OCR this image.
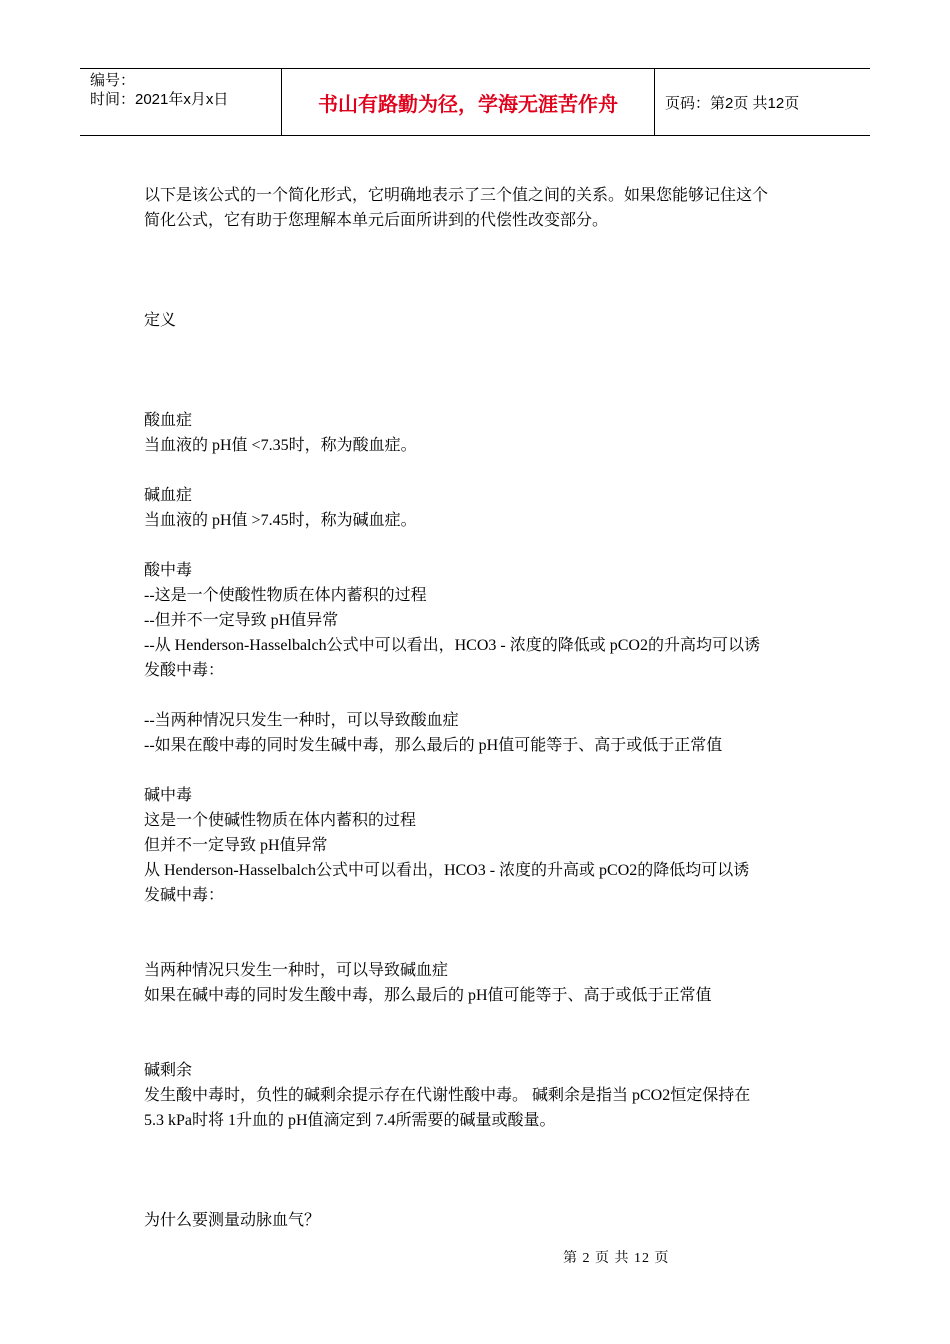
编号：
时间：2021年x月x日	书山有路勤为径，学海无涯苦作舟	页码：第2页 共12页

以下是该公式的一个简化形式，它明确地表示了三个值之间的关系。如果您能够记住这个

简化公式，它有助于您理解本单元后面所讲到的代偿性改变部分。

定义

酸血症

当血液的 pH值 <7.35时，称为酸血症。

碱血症

当血液的 pH值 >7.45时，称为碱血症。

酸中毒

--这是一个使酸性物质在体内蓄积的过程

--但并不一定导致 pH值异常

--从 Henderson-Hasselbalch公式中可以看出，HCO3 - 浓度的降低或 pCO2的升高均可以诱

发酸中毒：

--当两种情况只发生一种时，可以导致酸血症

--如果在酸中毒的同时发生碱中毒，那么最后的 pH值可能等于、高于或低于正常值

碱中毒

这是一个使碱性物质在体内蓄积的过程

但并不一定导致 pH值异常

从 Henderson-Hasselbalch公式中可以看出，HCO3 - 浓度的升高或 pCO2的降低均可以诱

发碱中毒：

当两种情况只发生一种时，可以导致碱血症

如果在碱中毒的同时发生酸中毒，那么最后的 pH值可能等于、高于或低于正常值

碱剩余

发生酸中毒时，负性的碱剩余提示存在代谢性酸中毒。 碱剩余是指当 pCO2恒定保持在

5.3 kPa时将 1升血的 pH值滴定到 7.4所需要的碱量或酸量。

为什么要测量动脉血气？

第 2 页 共 12 页
